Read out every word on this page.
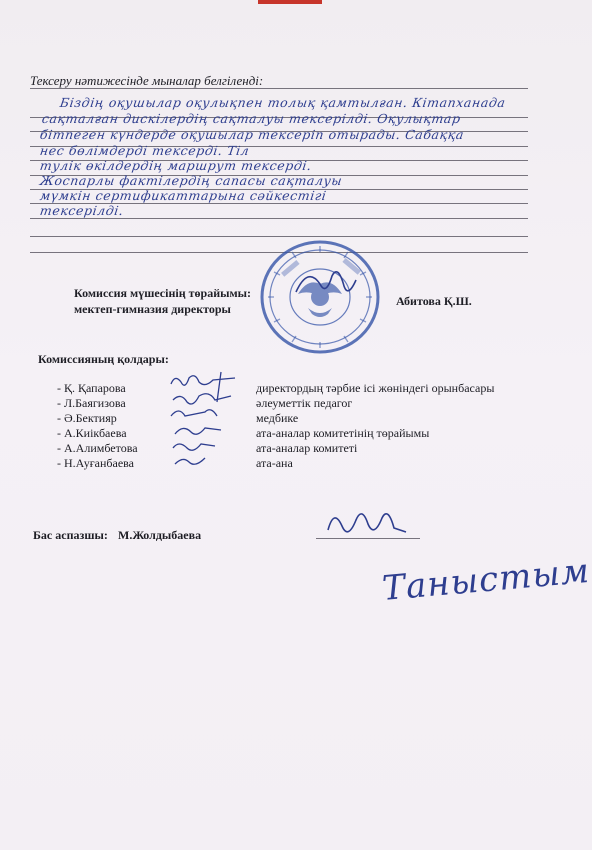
Тексеру нәтижесінде мыналар белгіленді:
Біздің оқушылар оқулықпен толық қамтылған. Кітапханада
сақталған дискілердің сақталуы тексерілді. Оқулықтар
бітпеген күндерде оқушылар тексеріп отырады. Сабаққа
нес бөлімдерді тексерді. Тіл
тулік өкілдердің маршрут тексерді.
Жоспарлы фактілердің сапасы сақталуы
мүмкін сертификаттарына сәйкестігі
тексерілді.
Комиссия мүшесінің төрайымы:
мектеп-гимназия директоры
Абитова Қ.Ш.
Комиссияның қолдары:
- Қ. Қапарова
- Л.Баягизова
- Ә.Бектияр
- А.Киікбаева
- А.Алимбетова
- Н.Ауғанбаева
директордың тәрбие ісі жөніндегі орынбасары
әлеуметтік педагог
медбике
ата-аналар комитетінің төрайымы
ата-аналар комитеті
ата-ана
Бас аспазшы: М.Жолдыбаева
Таныстым
